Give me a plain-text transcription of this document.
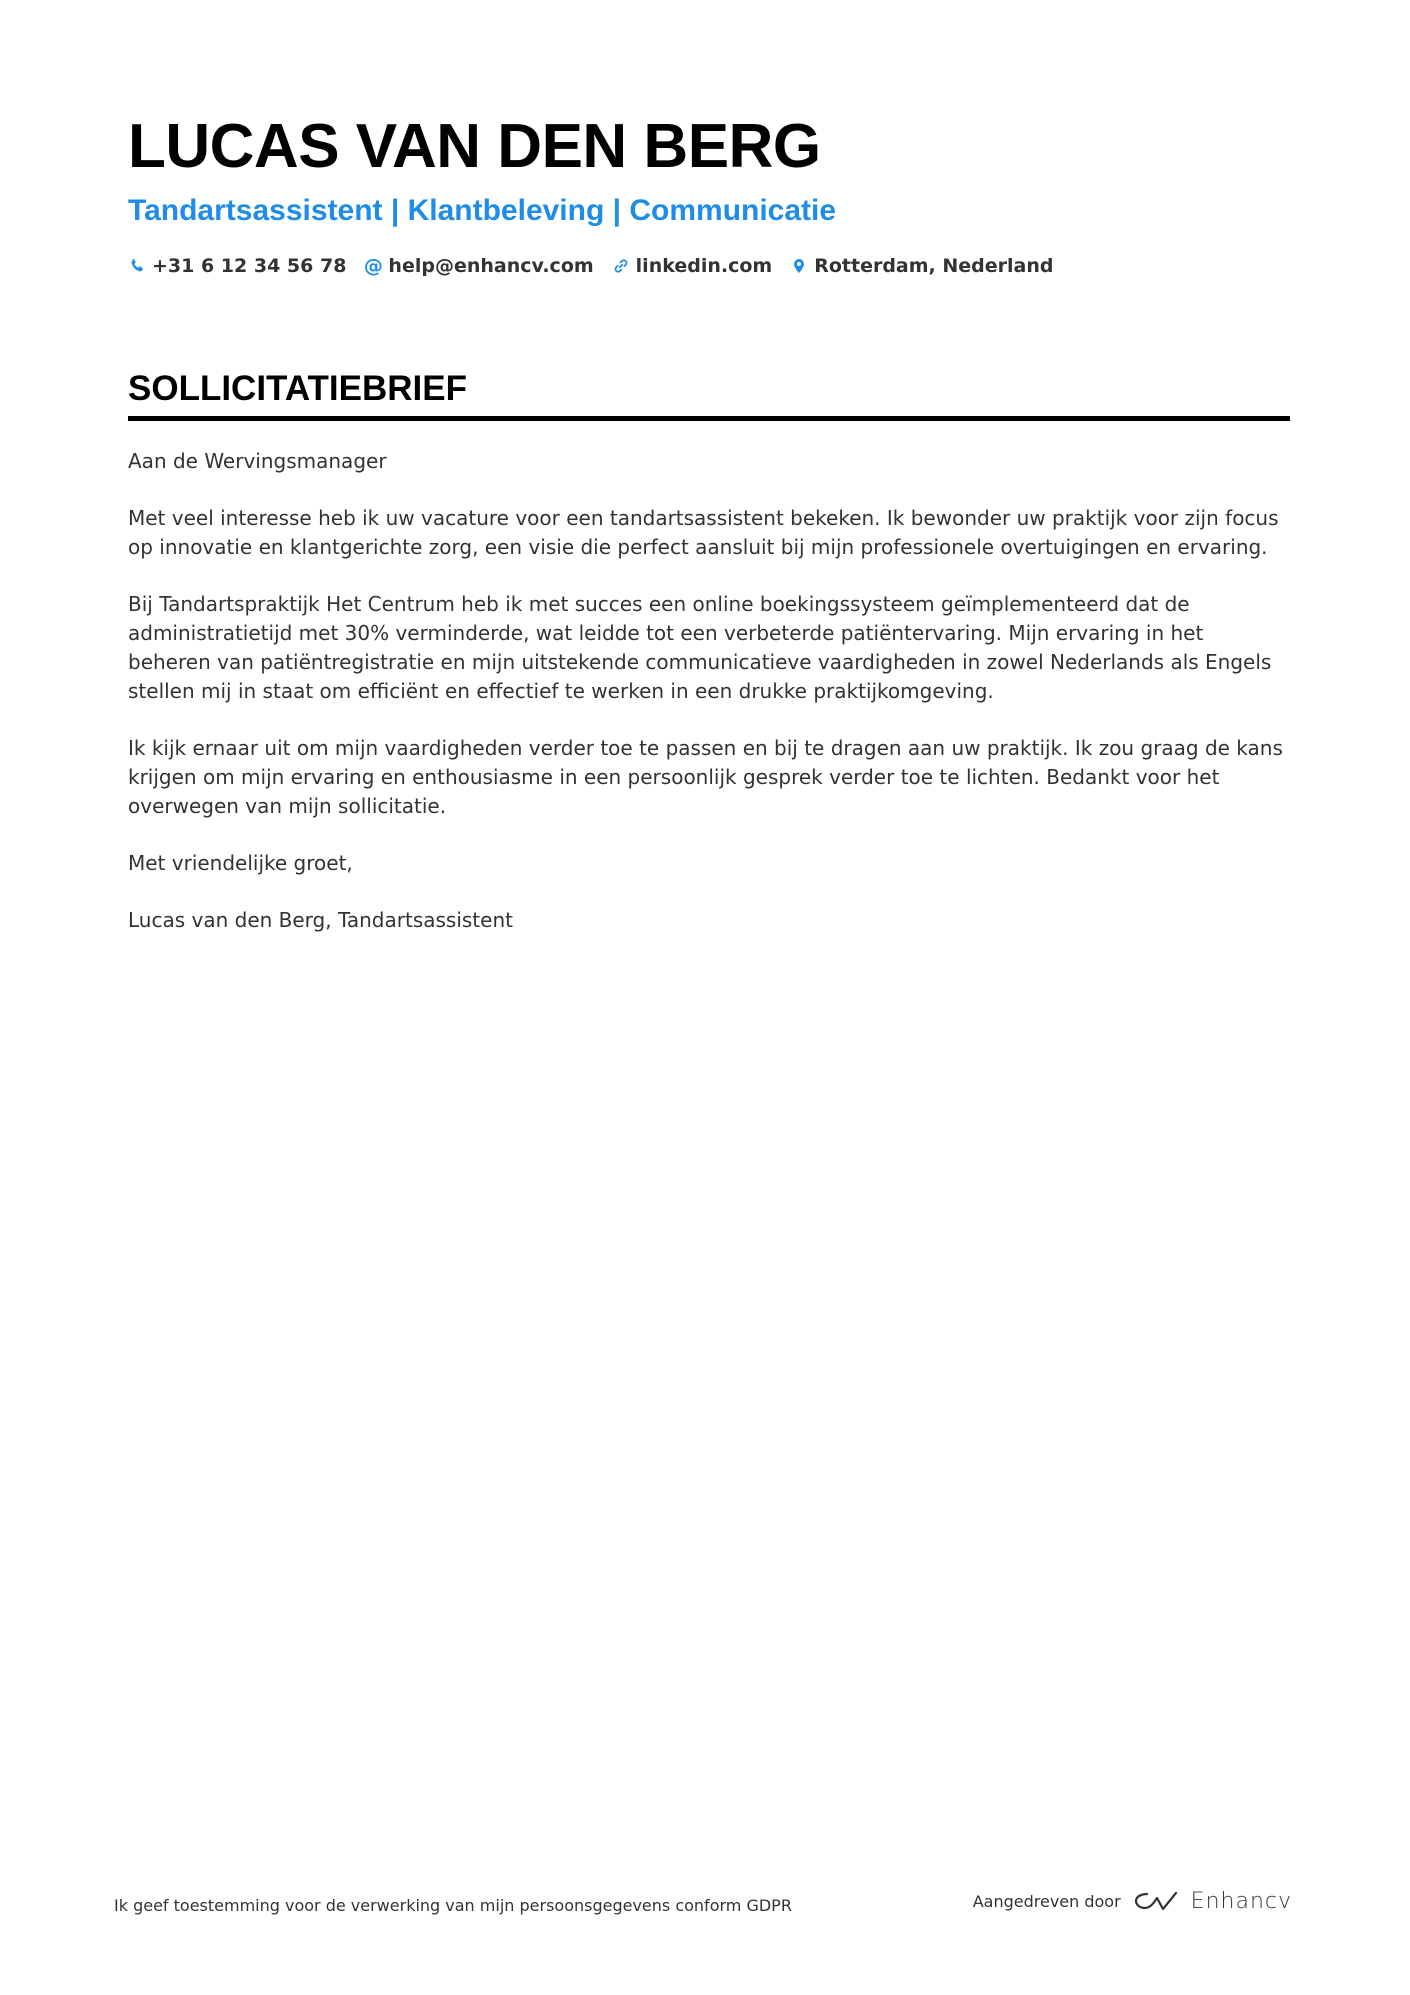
LUCAS VAN DEN BERG
Tandartsassistent | Klantbeleving | Communicatie
+31 6 12 34 56 78 @ help@enhancv.com linkedin.com Rotterdam, Nederland
SOLLICITATIEBRIEF

Aan de Wervingsmanager

Met veel interesse heb ik uw vacature voor een tandartsassistent bekeken. Ik bewonder uw praktijk voor zijn focus op innovatie en klantgerichte zorg, een visie die perfect aansluit bij mijn professionele overtuigingen en ervaring.

Bij Tandartspraktijk Het Centrum heb ik met succes een online boekingssysteem geïmplementeerd dat de administratietijd met 30% verminderde, wat leidde tot een verbeterde patiëntervaring. Mijn ervaring in het beheren van patiëntregistratie en mijn uitstekende communicatieve vaardigheden in zowel Nederlands als Engels stellen mij in staat om efficiënt en effectief te werken in een drukke praktijkomgeving.

Ik kijk ernaar uit om mijn vaardigheden verder toe te passen en bij te dragen aan uw praktijk. Ik zou graag de kans krijgen om mijn ervaring en enthousiasme in een persoonlijk gesprek verder toe te lichten. Bedankt voor het overwegen van mijn sollicitatie.

Met vriendelijke groet,

Lucas van den Berg, Tandartsassistent

Ik geef toestemming voor de verwerking van mijn persoonsgegevens conform GDPR	Aangedreven door	Enhancv
